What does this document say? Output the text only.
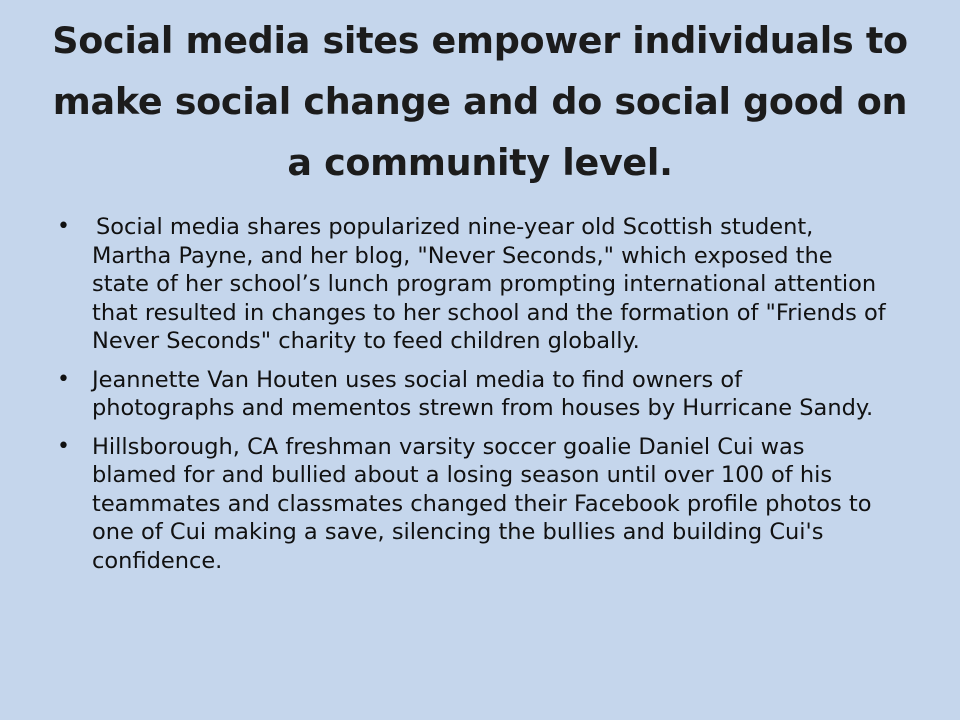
Social media sites empower individuals to make social change and do social good on a community level.
• Social media shares popularized nine-year old Scottish student, Martha Payne, and her blog, "Never Seconds," which exposed the state of her school’s lunch program prompting international attention that resulted in changes to her school and the formation of "Friends of Never Seconds" charity to feed children globally.
• Jeannette Van Houten uses social media to find owners of photographs and mementos strewn from houses by Hurricane Sandy.
• Hillsborough, CA freshman varsity soccer goalie Daniel Cui was blamed for and bullied about a losing season until over 100 of his teammates and classmates changed their Facebook profile photos to one of Cui making a save, silencing the bullies and building Cui's confidence.
